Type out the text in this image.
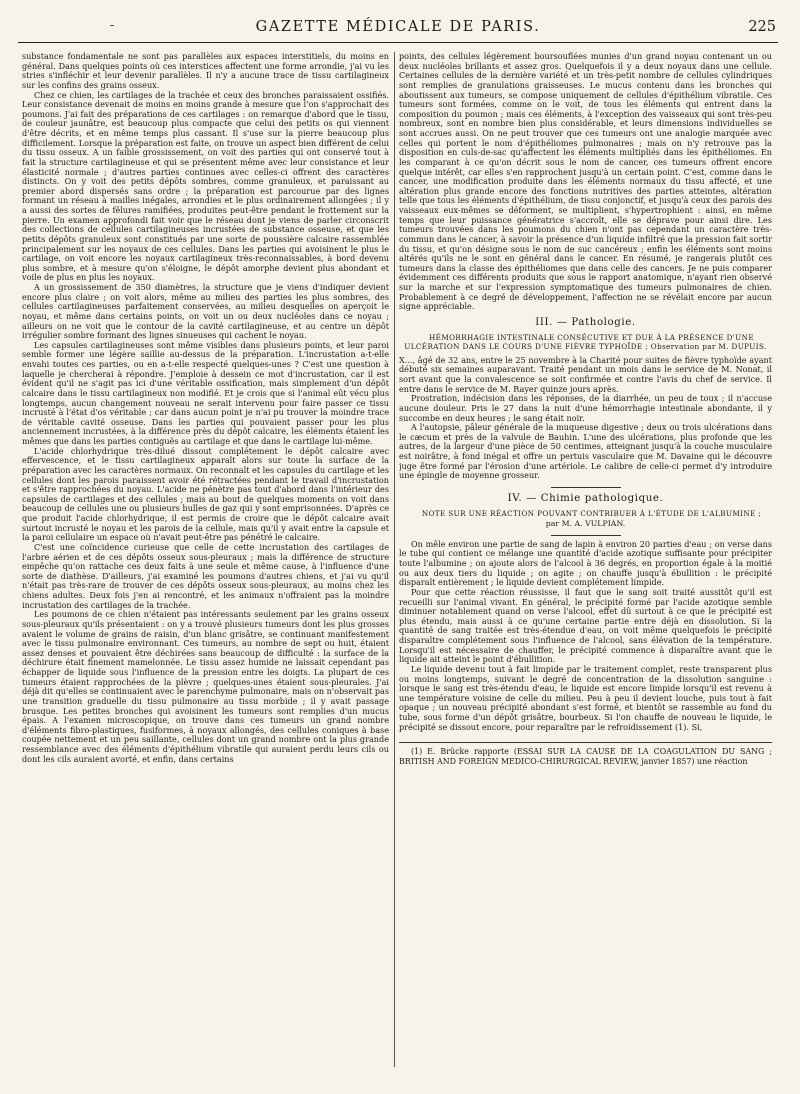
-	GAZETTE MÉDICALE DE PARIS.	225

substance fondamentale ne sont pas parallèles aux espaces interstitiels, du moins en général. Dans quelques points où ces interstices affectent une forme arrondie, j'ai vu les stries s'infléchir et leur devenir parallèles. Il n'y a aucune trace de tissu cartilagineux sur les confins des grains osseux.

Chez ce chien, les cartilages de la trachée et ceux des bronches paraissaient ossifiés. Leur consistance devenait de moins en moins grande à mesure que l'on s'approchait des poumons. J'ai fait des préparations de ces cartilages : on remarque d'abord que le tissu, de couleur jaunâtre, est beaucoup plus compacte que celui des petits os qui viennent d'être décrits, et en même temps plus cassant. Il s'use sur la pierre beaucoup plus difficilement. Lorsque la préparation est faite, on trouve un aspect bien différent de celui du tissu osseux. A un faible grossissement, on voit des parties qui ont conservé tout à fait la structure cartilagineuse et qui se présentent même avec leur consistance et leur élasticité normale ; d'autres parties continues avec celles-ci offrent des caractères distincts. On y voit des petits dépôts sombres, comme granuleux, et paraissant au premier abord dispersés sans ordre ; la préparation est parcourue par des lignes formant un réseau à mailles inégales, arrondies et le plus ordinairement allongées ; il y a aussi des sortes de fêlures ramifiées, produites peut-être pendant le frottement sur la pierre. Un examen approfondi fait voir que le réseau dont je viens de parler circonscrit des collections de cellules cartilagineuses incrustées de substance osseuse, et que les petits dépôts granuleux sont constitués par une sorte de poussière calcaire rassemblée principalement sur les noyaux de ces cellules. Dans les parties qui avoisinent le plus le cartilage, on voit encore les noyaux cartilagineux très-reconnaissables, à bord devenu plus sombre, et à mesure qu'on s'éloigne, le dépôt amorphe devient plus abondant et voile de plus en plus les noyaux.

A un grossissement de 350 diamètres, la structure que je viens d'indiquer devient encore plus claire ; on voit alors, même au milieu des parties les plus sombres, des cellules cartilagineuses parfaitement conservées, au milieu desquelles on aperçoit le noyau, et même dans certains points, on voit un ou deux nucléoles dans ce noyau ; ailleurs on ne voit que le contour de la cavité cartilagineuse, et au centre un dépôt irrégulier sombre formant des lignes sinueuses qui cachent le noyau.

Les capsules cartilagineuses sont même visibles dans plusieurs points, et leur paroi semble former une légère saillie au-dessus de la préparation. L'incrustation a-t-elle envahi toutes ces parties, ou en a-t-elle respecté quelques-unes ? C'est une question à laquelle je chercherai à répondre. J'emploie à dessein ce mot d'incrustation, car il est évident qu'il ne s'agit pas ici d'une véritable ossification, mais simplement d'un dépôt calcaire dans le tissu cartilagineux non modifié. Et je crois que si l'animal eût vécu plus longtemps, aucun changement nouveau ne serait intervenu pour faire passer ce tissu incrusté à l'état d'os véritable ; car dans aucun point je n'ai pu trouver la moindre trace de véritable cavité osseuse. Dans les parties qui pouvaient passer pour les plus anciennement incrustées, à la différence près du dépôt calcaire, les éléments étaient les mêmes que dans les parties contiguës au cartilage et que dans le cartilage lui-même.

L'acide chlorhydrique très-dilué dissout complétement le dépôt calcaire avec effervescence, et le tissu cartilagineux apparaît alors sur toute la surface de la préparation avec les caractères normaux. On reconnaît et les capsules du cartilage et les cellules dont les parois paraissent avoir été rétractées pendant le travail d'incrustation et s'être rapprochées du noyau. L'acide ne pénètre pas tout d'abord dans l'intérieur des capsules de cartilages et des cellules ; mais au bout de quelques moments on voit dans beaucoup de cellules une ou plusieurs bulles de gaz qui y sont emprisonnées. D'après ce que produit l'acide chlorhydrique, il est permis de croire que le dépôt calcaire avait surtout incrusté le noyau et les parois de la cellule, mais qu'il y avait entre la capsule et la paroi cellulaire un espace où n'avait peut-être pas pénétré le calcaire.

C'est une coïncidence curieuse que celle de cette incrustation des cartilages de l'arbre aérien et de ces dépôts osseux sous-pleuraux ; mais la différence de structure empêche qu'on rattache ces deux faits à une seule et même cause, à l'influence d'une sorte de diathèse. D'ailleurs, j'ai examiné les poumons d'autres chiens, et j'ai vu qu'il n'était pas très-rare de trouver de ces dépôts osseux sous-pleuraux, au moins chez les chiens adultes. Deux fois j'en ai rencontré, et les animaux n'offraient pas la moindre incrustation des cartilages de la trachée.

Les poumons de ce chien n'étaient pas intéressants seulement par les grains osseux sous-pleuraux qu'ils présentaient : on y a trouvé plusieurs tumeurs dont les plus grosses avaient le volume de grains de raisin, d'un blanc grisâtre, se continuant manifestement avec le tissu pulmonaire environnant. Ces tumeurs, au nombre de sept ou huit, étaient assez denses et pouvaient être déchirées sans beaucoup de difficulté : la surface de la déchirure était finement mamelonnée. Le tissu assez humide ne laissait cependant pas échapper de liquide sous l'influence de la pression entre les doigts. La plupart de ces tumeurs étaient rapprochées de la plèvre ; quelques-unes étaient sous-pleurales. J'ai déjà dit qu'elles se continuaient avec le parenchyme pulmonaire, mais on n'observait pas une transition graduelle du tissu pulmonaire au tissu morbide ; il y avait passage brusque. Les petites bronches qui avoisinent les tumeurs sont remplies d'un mucus épais. A l'examen microscopique, on trouve dans ces tumeurs un grand nombre d'éléments fibro-plastiques, fusiformes, à noyaux allongés, des cellules coniques à base coupée nettement et un peu saillante, cellules dont un grand nombre ont la plus grande ressemblance avec des éléments d'épithélium vibratile qui auraient perdu leurs cils ou dont les cils auraient avorté, et enfin, dans certains

points, des cellules légèrement boursouflées munies d'un grand noyau contenant un ou deux nucléoles brillants et assez gros. Quelquefois il y a deux noyaux dans une cellule. Certaines cellules de la dernière variété et un très-petit nombre de cellules cylindriques sont remplies de granulations graisseuses. Le mucus contenu dans les bronches qui aboutissent aux tumeurs, se compose uniquement de cellules d'épithélium vibratile. Ces tumeurs sont formées, comme on le voit, de tous les éléments qui entrent dans la composition du poumon ; mais ces éléments, à l'exception des vaisseaux qui sont très-peu nombreux, sont en nombre bien plus considérable, et leurs dimensions individuelles se sont accrues aussi. On ne peut trouver que ces tumeurs ont une analogie marquée avec celles qui portent le nom d'épithéliomes pulmonaires ; mais on n'y retrouve pas la disposition en culs-de-sac qu'affectent les éléments multipliés dans les épithéliomes. En les comparant à ce qu'on décrit sous le nom de cancer, ces tumeurs offrent encore quelque intérêt, car elles s'en rapprochent jusqu'à un certain point. C'est, comme dans le cancer, une modification produite dans les éléments normaux du tissu affecté, et une altération plus grande encore des fonctions nutritives des parties atteintes, altération telle que tous les éléments d'épithélium, de tissu conjonctif, et jusqu'à ceux des parois des vaisseaux eux-mêmes se déforment, se multiplient, s'hypertrophient : ainsi, en même temps que leur puissance génératrice s'accroît, elle se déprave pour ainsi dire. Les tumeurs trouvées dans les poumons du chien n'ont pas cependant un caractère très-commun dans le cancer, à savoir la présence d'un liquide infiltré que la pression fait sortir du tissu, et qu'on désigne sous le nom de suc cancéreux ; enfin les éléments sont moins altérés qu'ils ne le sont en général dans le cancer. En résumé, je rangerais plutôt ces tumeurs dans la classe des épithéliomes que dans celle des cancers. Je ne puis comparer évidemment ces différents produits que sous le rapport anatomique, n'ayant rien observé sur la marche et sur l'expression symptomatique des tumeurs pulmonaires de chien. Probablement à ce degré de développement, l'affection ne se révélait encore par aucun signe appréciable.

III. — Pathologie.

HÉMORRHAGIE INTESTINALE CONSÉCUTIVE ET DUE À LA PRÉSENCE D'UNE ULCÉRATION DANS LE COURS D'UNE FIÈVRE TYPHOÏDE ; Observation par M. DUPUIS.

X..., âgé de 32 ans, entre le 25 novembre à la Charité pour suites de fièvre typhoïde ayant débuté six semaines auparavant. Traité pendant un mois dans le service de M. Nonat, il sort avant que la convalescence se soit confirmée et contre l'avis du chef de service. Il entre dans le service de M. Rayer quinze jours après.

Prostration, indécision dans les réponses, de la diarrhée, un peu de toux ; il n'accuse aucune douleur. Pris le 27 dans la nuit d'une hémorrhagie intestinale abondante, il y succombe en deux heures ; le sang était noir.

A l'autopsie, pâleur générale de la muqueuse digestive ; deux ou trois ulcérations dans le cæcum et près de la valvule de Bauhin. L'une des ulcérations, plus profonde que les autres, de la largeur d'une pièce de 50 centimes, atteignant jusqu'à la couche musculaire est noirâtre, à fond inégal et offre un pertuis vasculaire que M. Davaine qui le découvre juge être formé par l'érosion d'une artériole. Le calibre de celle-ci permet d'y introduire une épingle de moyenne grosseur.

IV. — Chimie pathologique.

NOTE SUR UNE RÉACTION POUVANT CONTRIBUER À L'ÉTUDE DE L'ALBUMINE ;

par M. A. VULPIAN.

On mêle environ une partie de sang de lapin à environ 20 parties d'eau ; on verse dans le tube qui contient ce mélange une quantité d'acide azotique suffisante pour précipiter toute l'albumine ; on ajoute alors de l'alcool à 36 degrés, en proportion égale à la moitié ou aux deux tiers du liquide ; on agite ; on chauffe jusqu'à ébullition : le précipité disparaît entièrement ; le liquide devient complétement limpide.

Pour que cette réaction réussisse, il faut que le sang soit traité aussitôt qu'il est recueilli sur l'animal vivant. En général, le précipité formé par l'acide azotique semble diminuer notablement quand on verse l'alcool, effet dû surtout à ce que le précipité est plus étendu, mais aussi à ce qu'une certaine partie entre déjà en dissolution. Si la quantité de sang traitée est très-étendue d'eau, on voit même quelquefois le précipité disparaître complétement sous l'influence de l'alcool, sans élévation de la température. Lorsqu'il est nécessaire de chauffer, le précipité commence à disparaître avant que le liquide ait atteint le point d'ébullition.

Le liquide devenu tout à fait limpide par le traitement complet, reste transparent plus ou moins longtemps, suivant le degré de concentration de la dissolution sanguine : lorsque le sang est très-étendu d'eau, le liquide est encore limpide lorsqu'il est revenu à une température voisine de celle du milieu. Peu à peu il devient louche, puis tout à fait opaque ; un nouveau précipité abondant s'est formé, et bientôt se rassemble au fond du tube, sous forme d'un dépôt grisâtre, bourbeux. Si l'on chauffe de nouveau le liquide, le précipité se dissout encore, pour reparaître par le refroidissement (1). Si,

(1) E. Brücke rapporte (ESSAI SUR LA CAUSE DE LA COAGULATION DU SANG ; BRITISH AND FOREIGN MEDICO-CHIRURGICAL REVIEW, janvier 1857) une réaction
